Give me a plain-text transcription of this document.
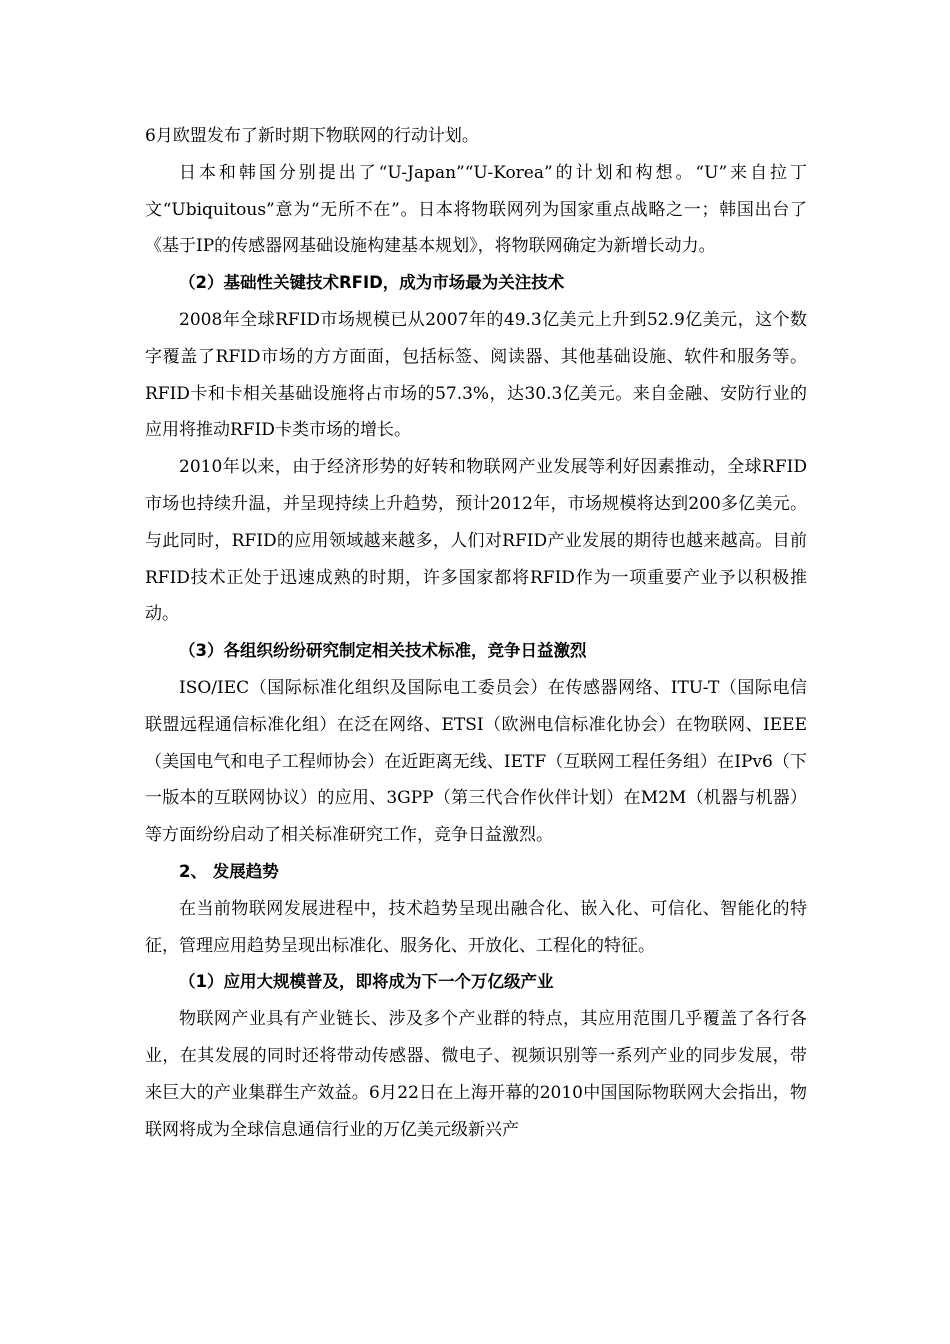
6月欧盟发布了新时期下物联网的行动计划。

日本和韩国分别提出了“U-Japan”“U-Korea”的计划和构想。“U”来自拉丁文“Ubiquitous”意为“无所不在”。日本将物联网列为国家重点战略之一；韩国出台了《基于IP的传感器网基础设施构建基本规划》，将物联网确定为新增长动力。

（2）基础性关键技术RFID，成为市场最为关注技术

2008年全球RFID市场规模已从2007年的49.3亿美元上升到52.9亿美元，这个数字覆盖了RFID市场的方方面面，包括标签、阅读器、其他基础设施、软件和服务等。RFID卡和卡相关基础设施将占市场的57.3%，达30.3亿美元。来自金融、安防行业的应用将推动RFID卡类市场的增长。

2010年以来，由于经济形势的好转和物联网产业发展等利好因素推动，全球RFID市场也持续升温，并呈现持续上升趋势，预计2012年，市场规模将达到200多亿美元。与此同时，RFID的应用领域越来越多，人们对RFID产业发展的期待也越来越高。目前RFID技术正处于迅速成熟的时期，许多国家都将RFID作为一项重要产业予以积极推动。

（3）各组织纷纷研究制定相关技术标准，竞争日益激烈

ISO/IEC（国际标准化组织及国际电工委员会）在传感器网络、ITU-T（国际电信联盟远程通信标准化组）在泛在网络、ETSI（欧洲电信标准化协会）在物联网、IEEE（美国电气和电子工程师协会）在近距离无线、IETF（互联网工程任务组）在IPv6（下一版本的互联网协议）的应用、3GPP（第三代合作伙伴计划）在M2M（机器与机器）等方面纷纷启动了相关标准研究工作，竞争日益激烈。

2、 发展趋势

在当前物联网发展进程中，技术趋势呈现出融合化、嵌入化、可信化、智能化的特征，管理应用趋势呈现出标准化、服务化、开放化、工程化的特征。

（1）应用大规模普及，即将成为下一个万亿级产业

物联网产业具有产业链长、涉及多个产业群的特点，其应用范围几乎覆盖了各行各业，在其发展的同时还将带动传感器、微电子、视频识别等一系列产业的同步发展，带来巨大的产业集群生产效益。6月22日在上海开幕的2010中国国际物联网大会指出，物联网将成为全球信息通信行业的万亿美元级新兴产
